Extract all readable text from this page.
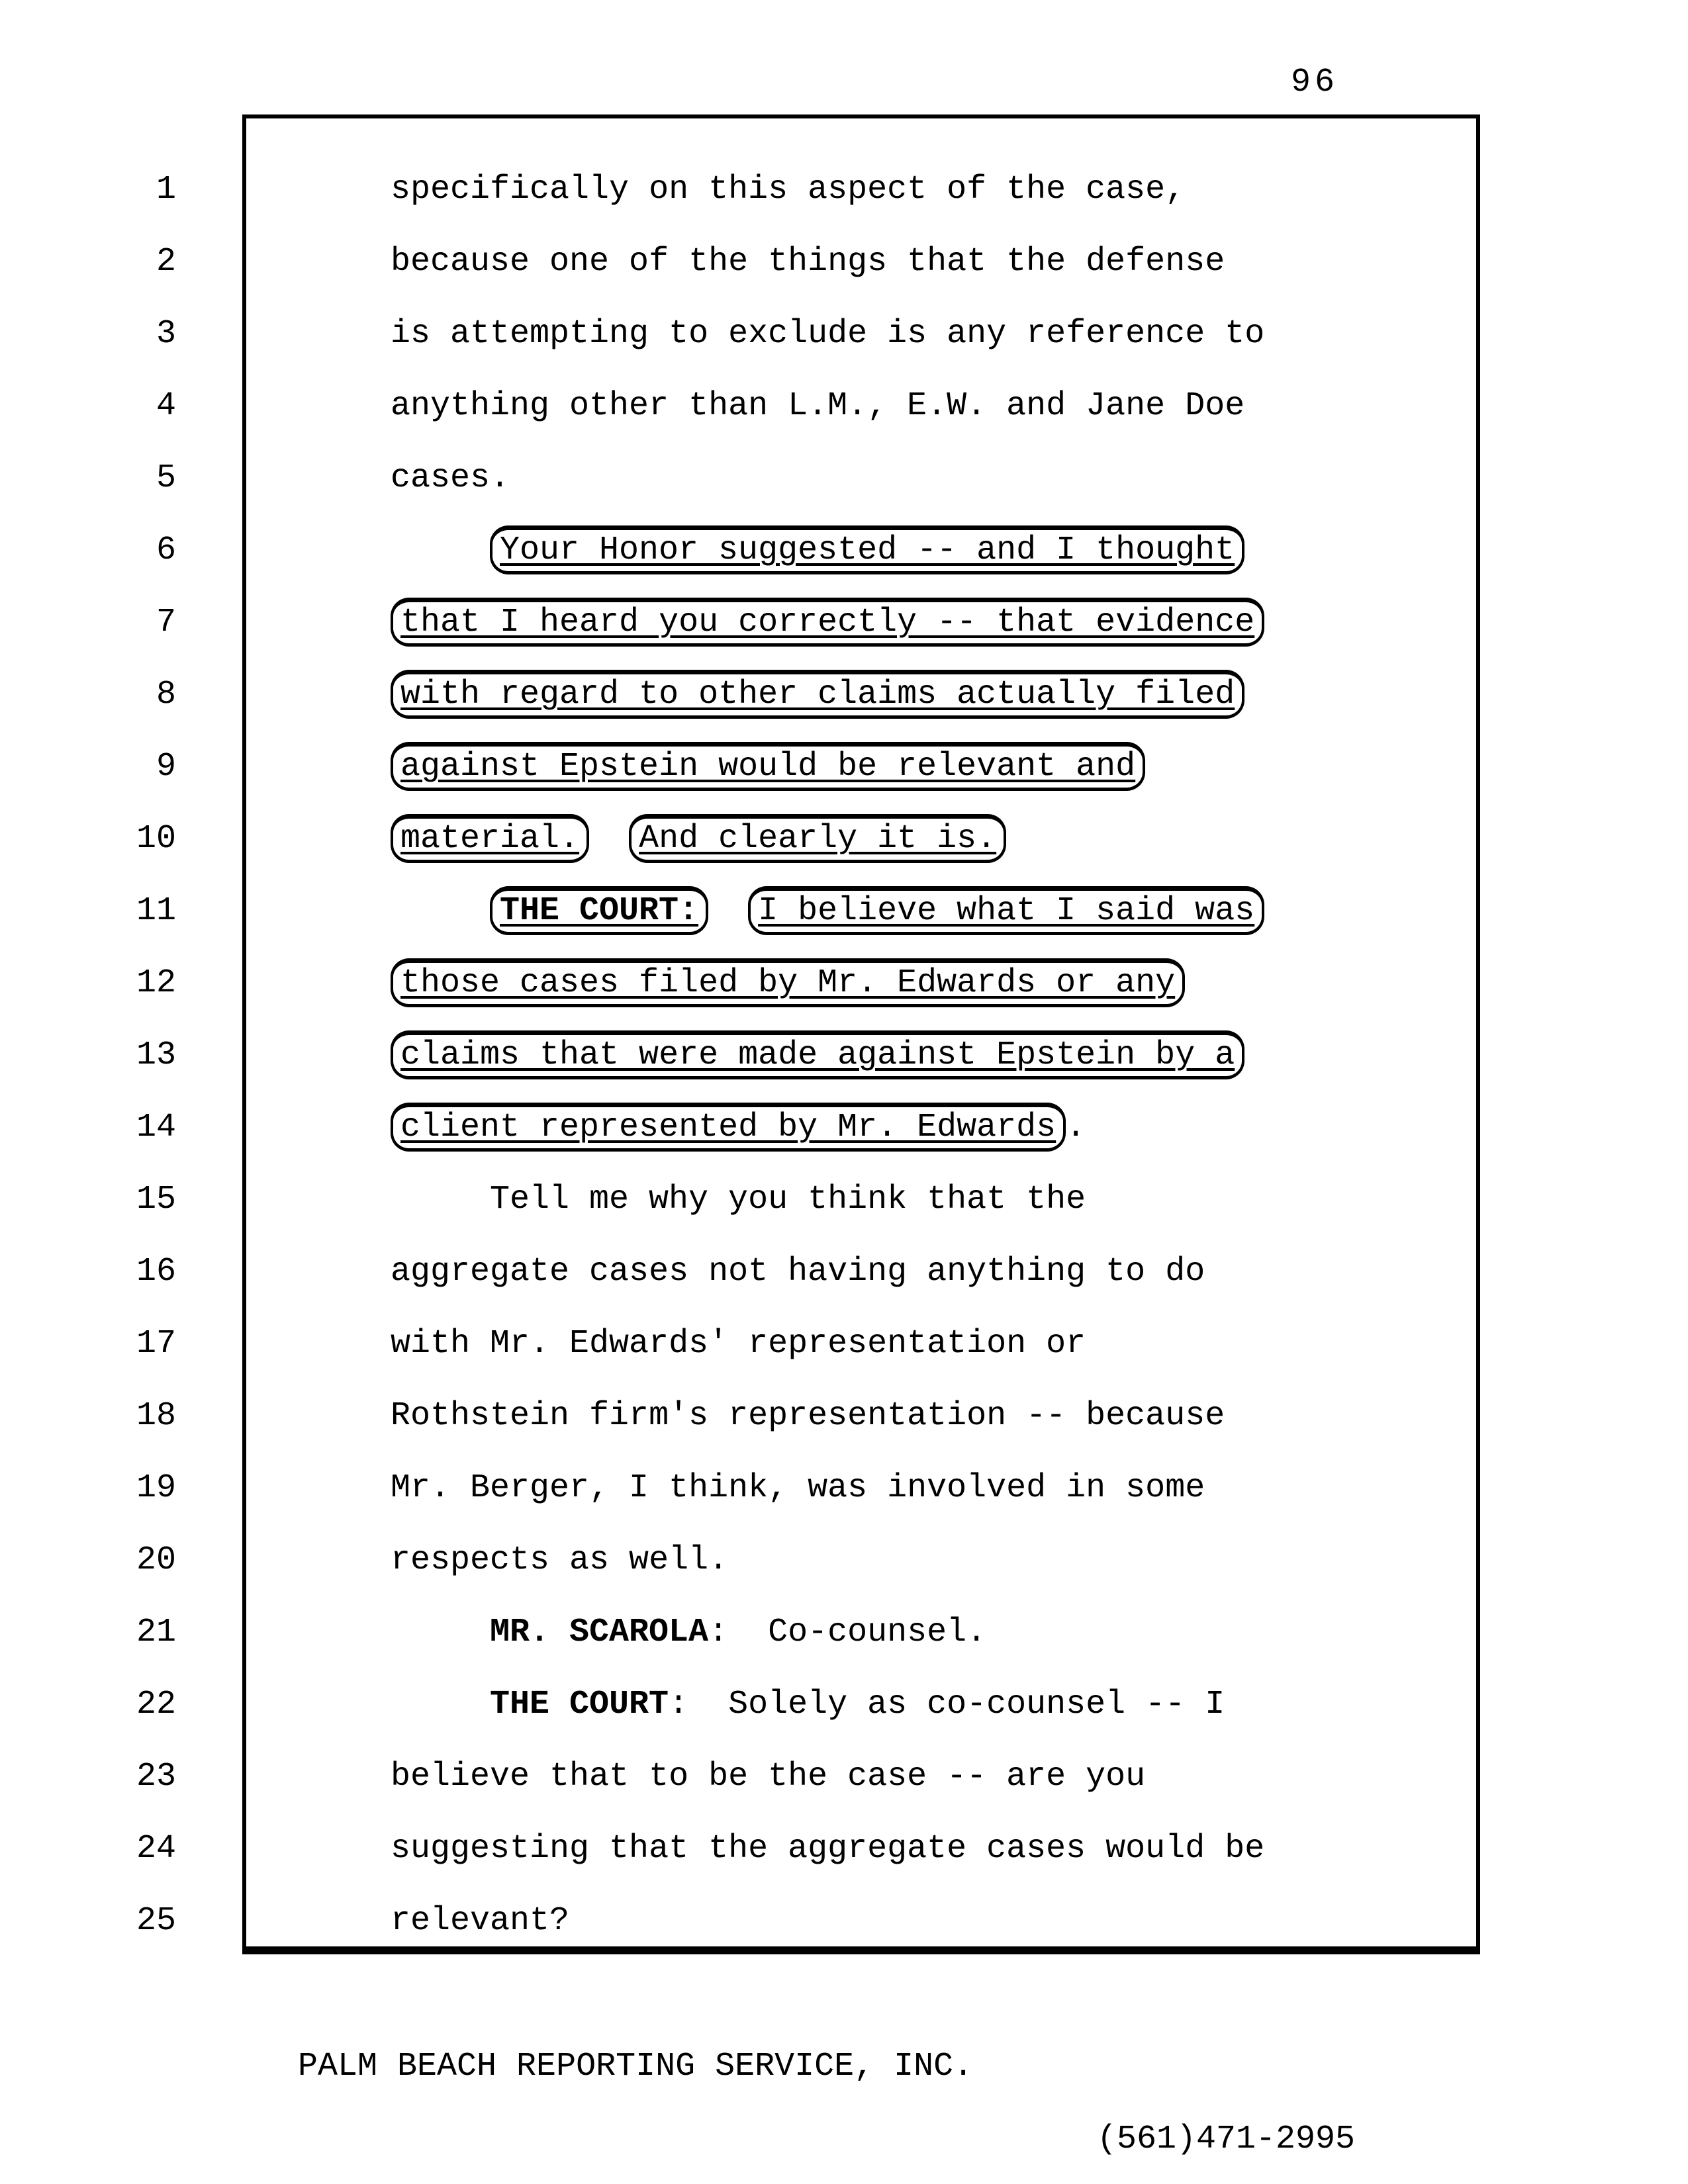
96
1	specifically on this aspect of the case,
2	because one of the things that the defense
3	is attempting to exclude is any reference to
4	anything other than L.M., E.W. and Jane Doe
5	cases.
6	Your Honor suggested -- and I thought
7	that I heard you correctly -- that evidence
8	with regard to other claims actually filed
9	against Epstein would be relevant and
10	material. And clearly it is.
11	THE COURT: I believe what I said was
12	those cases filed by Mr. Edwards or any
13	claims that were made against Epstein by a
14	client represented by Mr. Edwards .
15	Tell me why you think that the
16	aggregate cases not having anything to do
17	with Mr. Edwards' representation or
18	Rothstein firm's representation -- because
19	Mr. Berger, I think, was involved in some
20	respects as well.
21	MR. SCAROLA: Co-counsel.
22	THE COURT: Solely as co-counsel -- I
23	believe that to be the case -- are you
24	suggesting that the aggregate cases would be
25	relevant?

PALM BEACH REPORTING SERVICE, INC.

(561)471-2995
